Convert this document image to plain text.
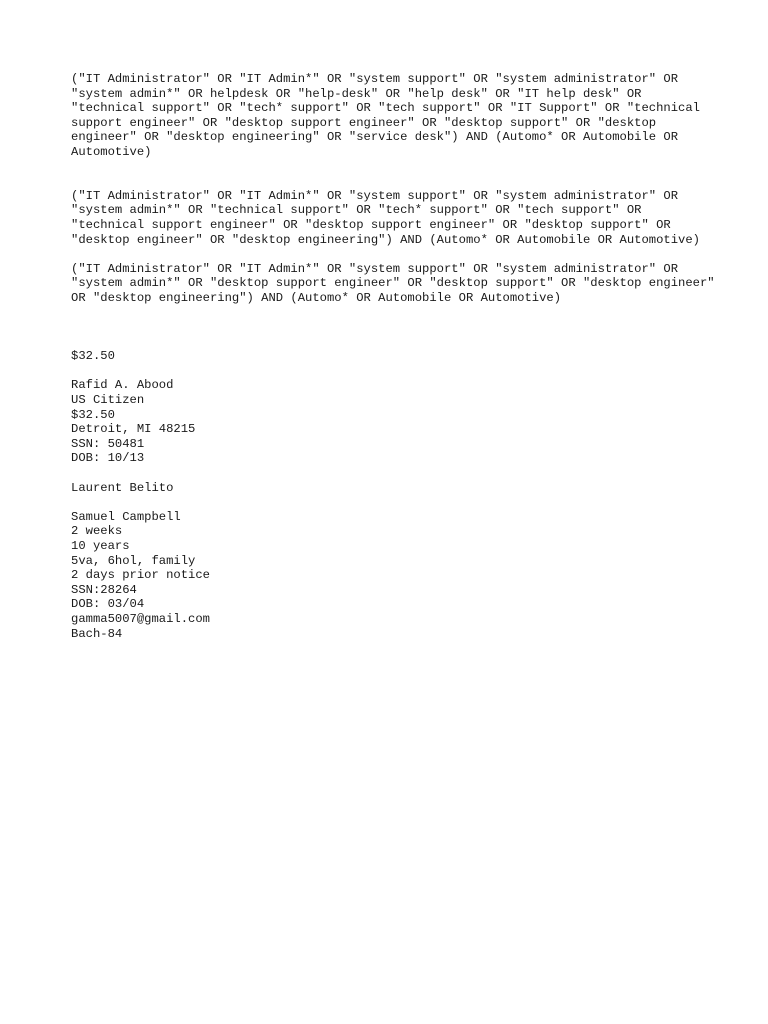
("IT Administrator" OR "IT Admin*" OR "system support" OR "system administrator" OR "system admin*" OR helpdesk OR "help-desk" OR "help desk" OR "IT help desk" OR "technical support" OR "tech* support" OR "tech support" OR "IT Support" OR "technical support engineer" OR "desktop support engineer" OR "desktop support" OR "desktop engineer" OR "desktop engineering" OR "service desk") AND (Automo* OR Automobile OR Automotive)

("IT Administrator" OR "IT Admin*" OR "system support" OR "system administrator" OR "system admin*" OR "technical support" OR "tech* support" OR "tech support" OR "technical support engineer" OR "desktop support engineer" OR "desktop support" OR "desktop engineer" OR "desktop engineering") AND (Automo* OR Automobile OR Automotive)

("IT Administrator" OR "IT Admin*" OR "system support" OR "system administrator" OR "system admin*" OR "desktop support engineer" OR "desktop support" OR "desktop engineer" OR "desktop engineering") AND (Automo* OR Automobile OR Automotive)

$32.50
Rafid A. Abood
US Citizen
$32.50
Detroit, MI 48215
SSN: 50481
DOB: 10/13
Laurent Belito
Samuel Campbell
2 weeks
10 years
5va, 6hol, family
2 days prior notice
SSN:28264
DOB: 03/04
gamma5007@gmail.com
Bach-84
